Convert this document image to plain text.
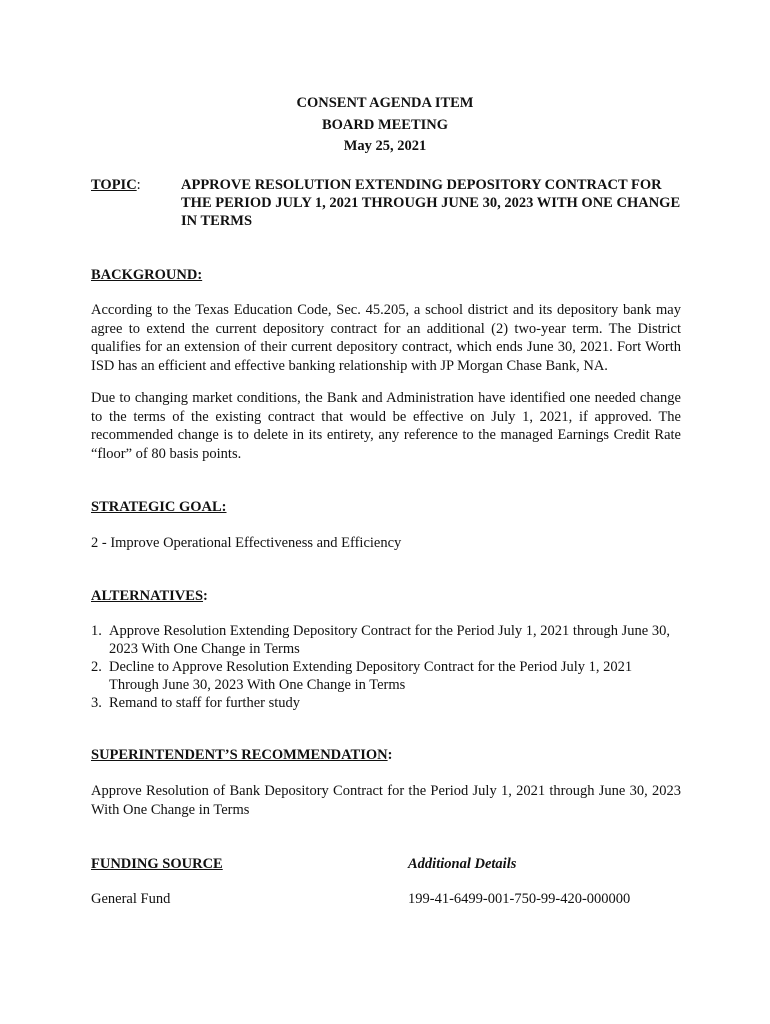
CONSENT AGENDA ITEM
BOARD MEETING
May 25, 2021
TOPIC:	APPROVE RESOLUTION EXTENDING DEPOSITORY CONTRACT FOR THE PERIOD JULY 1, 2021 THROUGH JUNE 30, 2023 WITH ONE CHANGE IN TERMS
BACKGROUND:
According to the Texas Education Code, Sec. 45.205, a school district and its depository bank may agree to extend the current depository contract for an additional (2) two-year term. The District qualifies for an extension of their current depository contract, which ends June 30, 2021. Fort Worth ISD has an efficient and effective banking relationship with JP Morgan Chase Bank, NA.
Due to changing market conditions, the Bank and Administration have identified one needed change to the terms of the existing contract that would be effective on July 1, 2021, if approved. The recommended change is to delete in its entirety, any reference to the managed Earnings Credit Rate “floor” of 80 basis points.
STRATEGIC GOAL:
2 - Improve Operational Effectiveness and Efficiency
ALTERNATIVES:
1. Approve Resolution Extending Depository Contract for the Period July 1, 2021 through June 30, 2023 With One Change in Terms
2. Decline to Approve Resolution Extending Depository Contract for the Period July 1, 2021 Through June 30, 2023 With One Change in Terms
3. Remand to staff for further study
SUPERINTENDENT’S RECOMMENDATION:
Approve Resolution of Bank Depository Contract for the Period July 1, 2021 through June 30, 2023 With One Change in Terms
FUNDING SOURCE	Additional Details
General Fund	199-41-6499-001-750-99-420-000000
